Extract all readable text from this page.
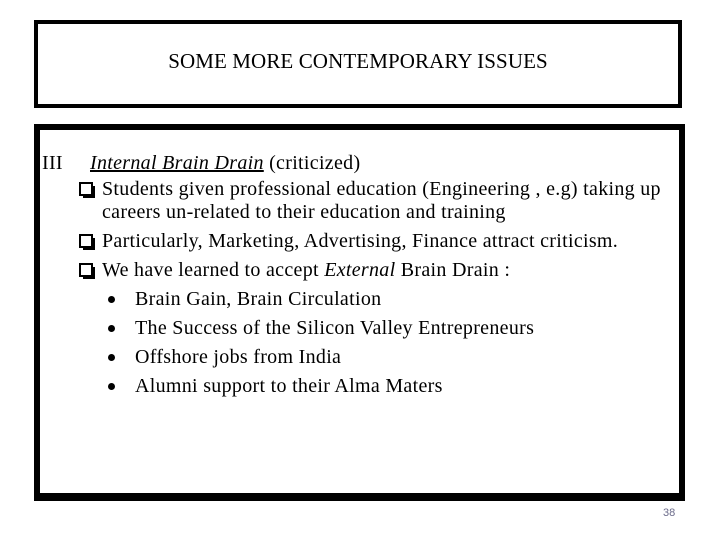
SOME MORE CONTEMPORARY ISSUES
III Internal Brain Drain (criticized)
Students given professional education (Engineering , e.g) taking up careers un-related to their education and training
Particularly, Marketing, Advertising, Finance attract criticism.
We have learned to accept External Brain Drain :
Brain Gain, Brain Circulation
The Success of the Silicon Valley Entrepreneurs
Offshore jobs from India
Alumni support to their Alma Maters
38
